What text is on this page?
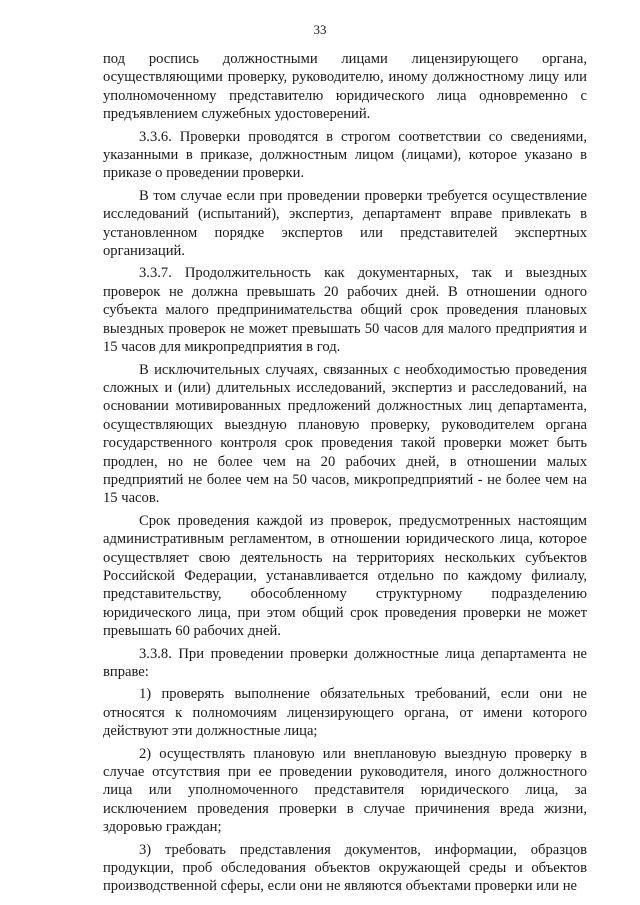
33

под роспись должностными лицами лицензирующего органа, осуществляющими проверку, руководителю, иному должностному лицу или уполномоченному представителю юридического лица одновременно с предъявлением служебных удостоверений.

3.3.6. Проверки проводятся в строгом соответствии со сведениями, указанными в приказе, должностным лицом (лицами), которое указано в приказе о проведении проверки.

В том случае если при проведении проверки требуется осуществление исследований (испытаний), экспертиз, департамент вправе привлекать в установленном порядке экспертов или представителей экспертных организаций.

3.3.7. Продолжительность как документарных, так и выездных проверок не должна превышать 20 рабочих дней. В отношении одного субъекта малого предпринимательства общий срок проведения плановых выездных проверок не может превышать 50 часов для малого предприятия и 15 часов для микропредприятия в год.

В исключительных случаях, связанных с необходимостью проведения сложных и (или) длительных исследований, экспертиз и расследований, на основании мотивированных предложений должностных лиц департамента, осуществляющих выездную плановую проверку, руководителем органа государственного контроля срок проведения такой проверки может быть продлен, но не более чем на 20 рабочих дней, в отношении малых предприятий не более чем на 50 часов, микропредприятий - не более чем на 15 часов.

Срок проведения каждой из проверок, предусмотренных настоящим административным регламентом, в отношении юридического лица, которое осуществляет свою деятельность на территориях нескольких субъектов Российской Федерации, устанавливается отдельно по каждому филиалу, представительству, обособленному структурному подразделению юридического лица, при этом общий срок проведения проверки не может превышать 60 рабочих дней.

3.3.8. При проведении проверки должностные лица департамента не вправе:

1) проверять выполнение обязательных требований, если они не относятся к полномочиям лицензирующего органа, от имени которого действуют эти должностные лица;

2) осуществлять плановую или внеплановую выездную проверку в случае отсутствия при ее проведении руководителя, иного должностного лица или уполномоченного представителя юридического лица, за исключением проведения проверки в случае причинения вреда жизни, здоровью граждан;

3) требовать представления документов, информации, образцов продукции, проб обследования объектов окружающей среды и объектов производственной сферы, если они не являются объектами проверки или не
